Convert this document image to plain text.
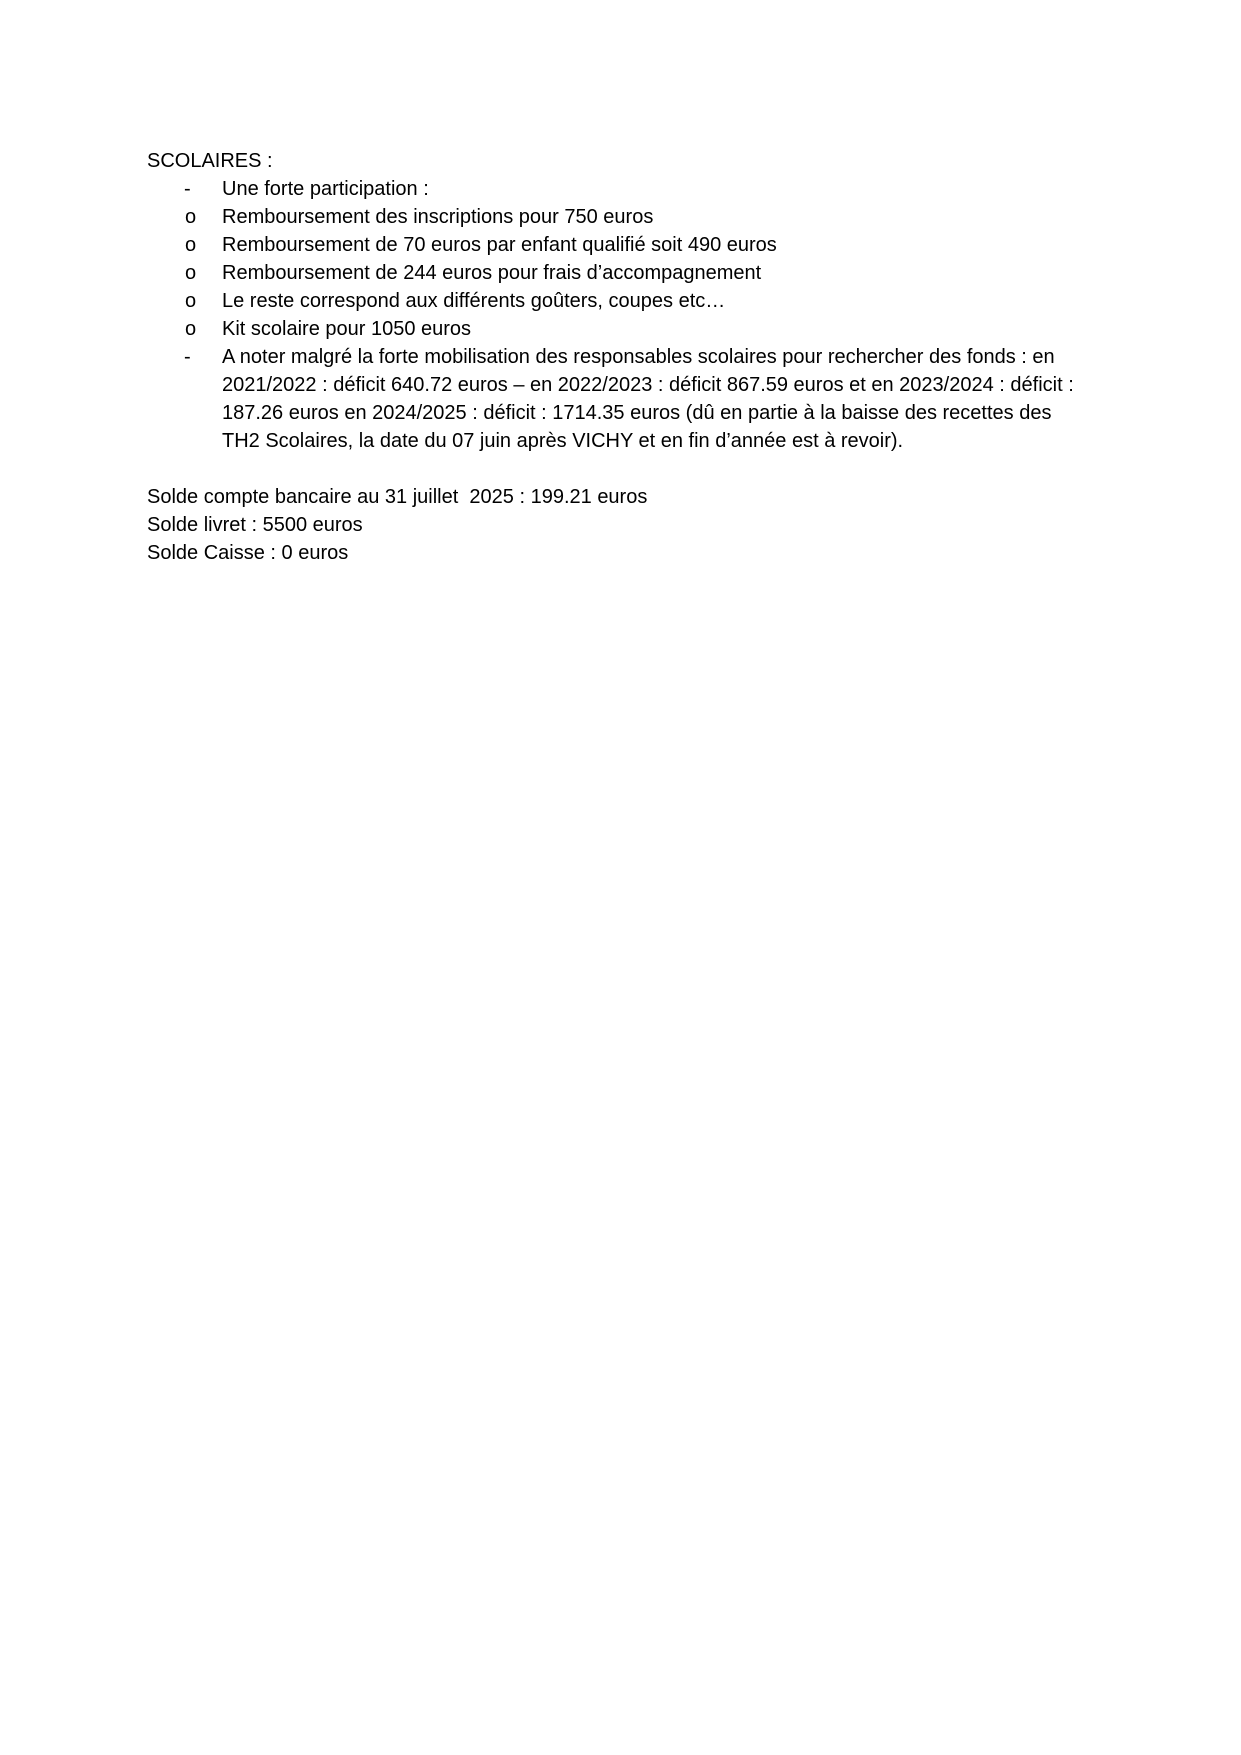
SCOLAIRES :
- Une forte participation :
o Remboursement des inscriptions pour 750 euros
o Remboursement de 70 euros par enfant qualifié soit 490 euros
o Remboursement de 244 euros pour frais d’accompagnement
o Le reste correspond aux différents goûters, coupes etc…
o Kit scolaire pour 1050 euros
- A noter malgré la forte mobilisation des responsables scolaires pour rechercher des fonds : en 2021/2022 : déficit 640.72 euros – en 2022/2023 : déficit 867.59 euros et en 2023/2024 : déficit : 187.26 euros en 2024/2025 : déficit : 1714.35 euros (dû en partie à la baisse des recettes des TH2 Scolaires, la date du 07 juin après VICHY et en fin d’année est à revoir).
Solde compte bancaire au 31 juillet  2025 : 199.21 euros
Solde livret : 5500 euros
Solde Caisse : 0 euros
